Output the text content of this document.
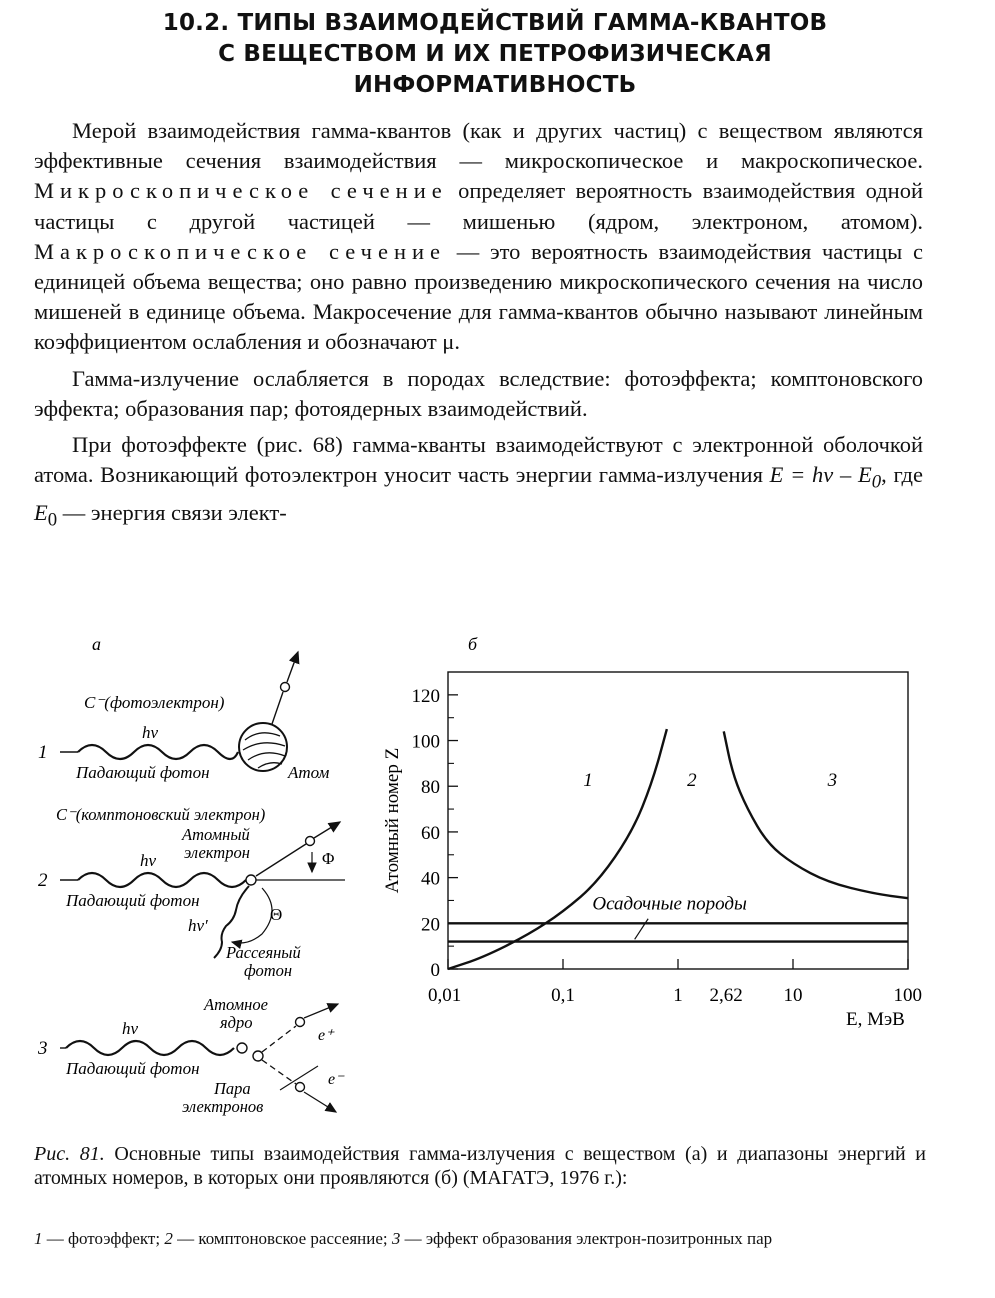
10.2. ТИПЫ ВЗАИМОДЕЙСТВИЙ ГАММА-КВАНТОВ
С ВЕЩЕСТВОМ И ИХ ПЕТРОФИЗИЧЕСКАЯ
ИНФОРМАТИВНОСТЬ

Мерой взаимодействия гамма-квантов (как и других частиц) с веществом являются эффективные сечения взаимодействия — микроскопическое и макроскопическое. Микроскопическое сечение определяет вероятность взаимодействия одной частицы с другой частицей — мишенью (ядром, электроном, атомом). Макроскопическое сечение — это вероятность взаимодействия частицы с единицей объема вещества; оно равно произведению микроскопического сечения на число мишеней в единице объема. Макросечение для гамма-квантов обычно называют линейным коэффициентом ослабления и обозначают μ.

Гамма-излучение ослабляется в породах вследствие: фотоэффекта; комптоновского эффекта; образования пар; фотоядерных взаимодействий.

При фотоэффекте (рис. 68) гамма-кванты взаимодействуют с электронной оболочкой атома. Возникающий фотоэлектрон уносит часть энергии гамма-излучения $E = h\nu - E_0$, где $E_0$ — энергия связи элект-

а
1
C⁻(фотоэлектрон)
hν
Падающий фотон	Атом
C⁻(комптоновский электрон)
Атомный
электрон
2
Φ
hν
Падающий фотон
Θ
hν′
Рассеяный
фотон
Атомное
ядро
3
e⁺
e⁻
hν
Падающий фотон
Пара
электронов
б
0
20
40
60
80
100
120
0,01	0,1	1 2,62 10	100
Атомный номер Z
E, МэВ
1	2	3
Осадочные породы
Рис. 81. Основные типы взаимодействия гамма-излучения с веществом (а) и диапазоны энергий и атомных номеров, в которых они проявляются (б) (МАГАТЭ, 1976 г.):
1 — фотоэффект; 2 — комптоновское рассеяние; 3 — эффект образования электрон-позитронных пар
